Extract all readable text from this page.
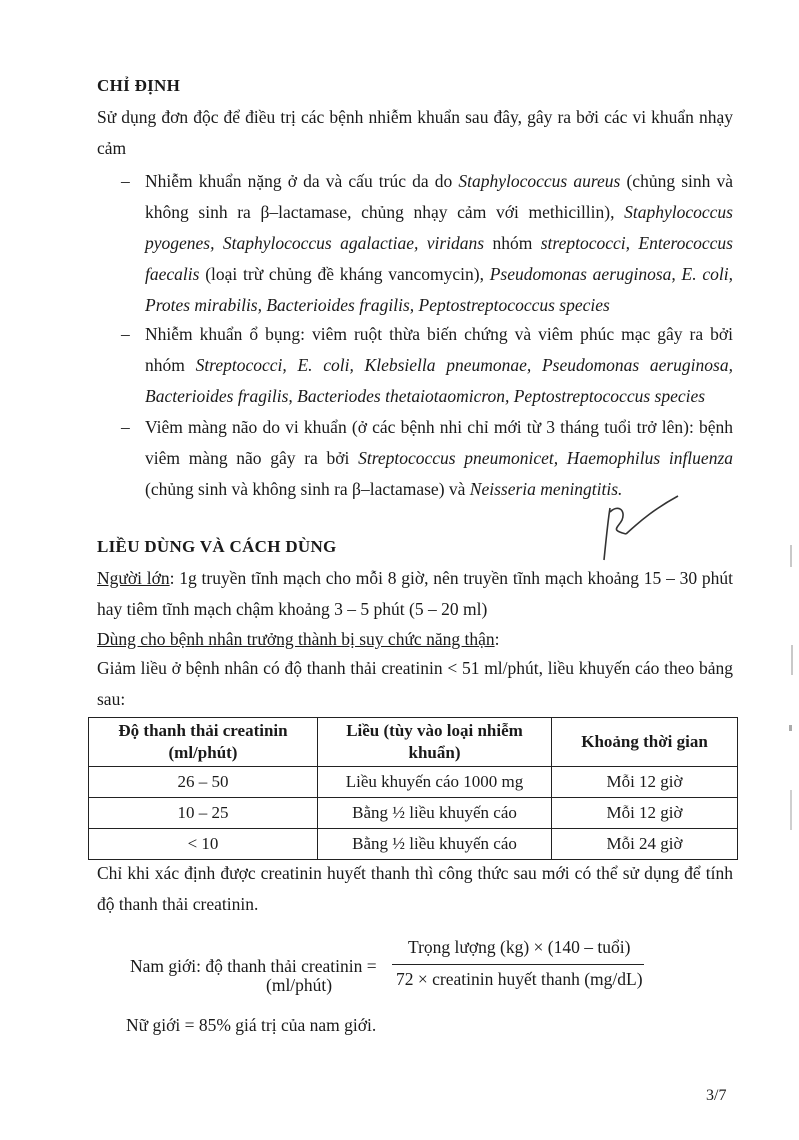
CHỈ ĐỊNH
Sử dụng đơn độc để điều trị các bệnh nhiễm khuẩn sau đây, gây ra bởi các vi khuẩn nhạy cảm
– Nhiễm khuẩn nặng ở da và cấu trúc da do Staphylococcus aureus (chủng sinh và không sinh ra β–lactamase, chủng nhạy cảm với methicillin), Staphylococcus pyogenes, Staphylococcus agalactiae, viridans nhóm streptococci, Enterococcus faecalis (loại trừ chủng đề kháng vancomycin), Pseudomonas aeruginosa, E. coli, Protes mirabilis, Bacterioides fragilis, Peptostreptococcus species
– Nhiễm khuẩn ổ bụng: viêm ruột thừa biến chứng và viêm phúc mạc gây ra bởi nhóm Streptococci, E. coli, Klebsiella pneumonae, Pseudomonas aeruginosa, Bacterioides fragilis, Bacteriodes thetaiotaomicron, Peptostreptococcus species
– Viêm màng não do vi khuẩn (ở các bệnh nhi chỉ mới từ 3 tháng tuổi trở lên): bệnh viêm màng não gây ra bởi Streptococcus pneumonicet, Haemophilus influenza (chủng sinh và không sinh ra β–lactamase) và Neisseria meningtitis.
LIỀU DÙNG VÀ CÁCH DÙNG
Người lớn: 1g truyền tĩnh mạch cho mỗi 8 giờ, nên truyền tĩnh mạch khoảng 15 – 30 phút hay tiêm tĩnh mạch chậm khoảng 3 – 5 phút (5 – 20 ml)
Dùng cho bệnh nhân trưởng thành bị suy chức năng thận:
Giảm liều ở bệnh nhân có độ thanh thải creatinin < 51 ml/phút, liều khuyến cáo theo bảng sau:
Độ thanh thải creatinin (ml/phút)	Liều (tùy vào loại nhiễm khuẩn)	Khoảng thời gian
26 – 50	Liều khuyến cáo 1000 mg	Mỗi 12 giờ
10 – 25	Bằng ½ liều khuyến cáo	Mỗi 12 giờ
< 10	Bằng ½ liều khuyến cáo	Mỗi 24 giờ
Chỉ khi xác định được creatinin huyết thanh thì công thức sau mới có thể sử dụng để tính độ thanh thải creatinin.
Nam giới: độ thanh thải creatinin =
(ml/phút)
Trọng lượng (kg) × (140 – tuổi)
72 × creatinin huyết thanh (mg/dL)
Nữ giới = 85% giá trị của nam giới.
3/7
